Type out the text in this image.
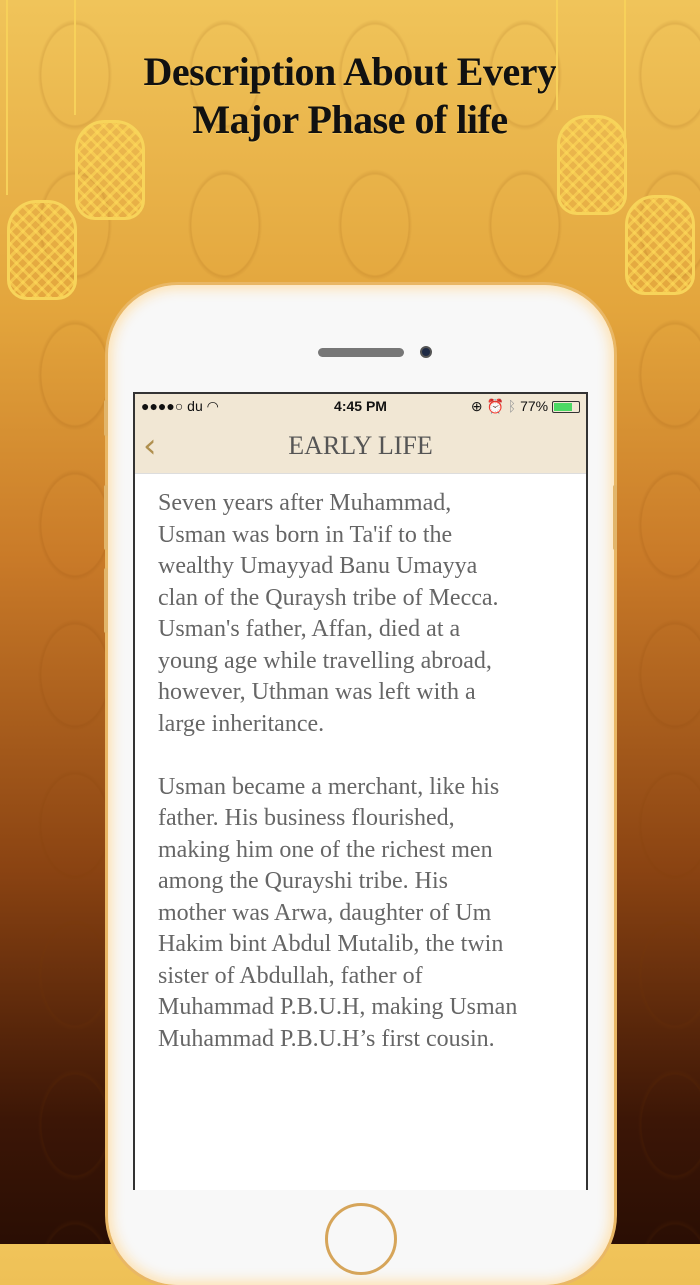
Description About Every
Major Phase of life
●●●●○ du ◠	4:45 PM	⊕ ⏰ ᛒ 77%
‹	EARLY LIFE

Seven years after Muhammad,
Usman was born in Ta'if to the
wealthy Umayyad Banu Umayya
clan of the Quraysh tribe of Mecca.
Usman's father, Affan, died at a
young age while travelling abroad,
however, Uthman was left with a
large inheritance.

Usman became a merchant, like his
father. His business flourished,
making him one of the richest men
among the Qurayshi tribe. His
mother was Arwa, daughter of Um
Hakim bint Abdul Mutalib, the twin
sister of Abdullah, father of
Muhammad P.B.U.H, making Usman
Muhammad P.B.U.H’s first cousin.
